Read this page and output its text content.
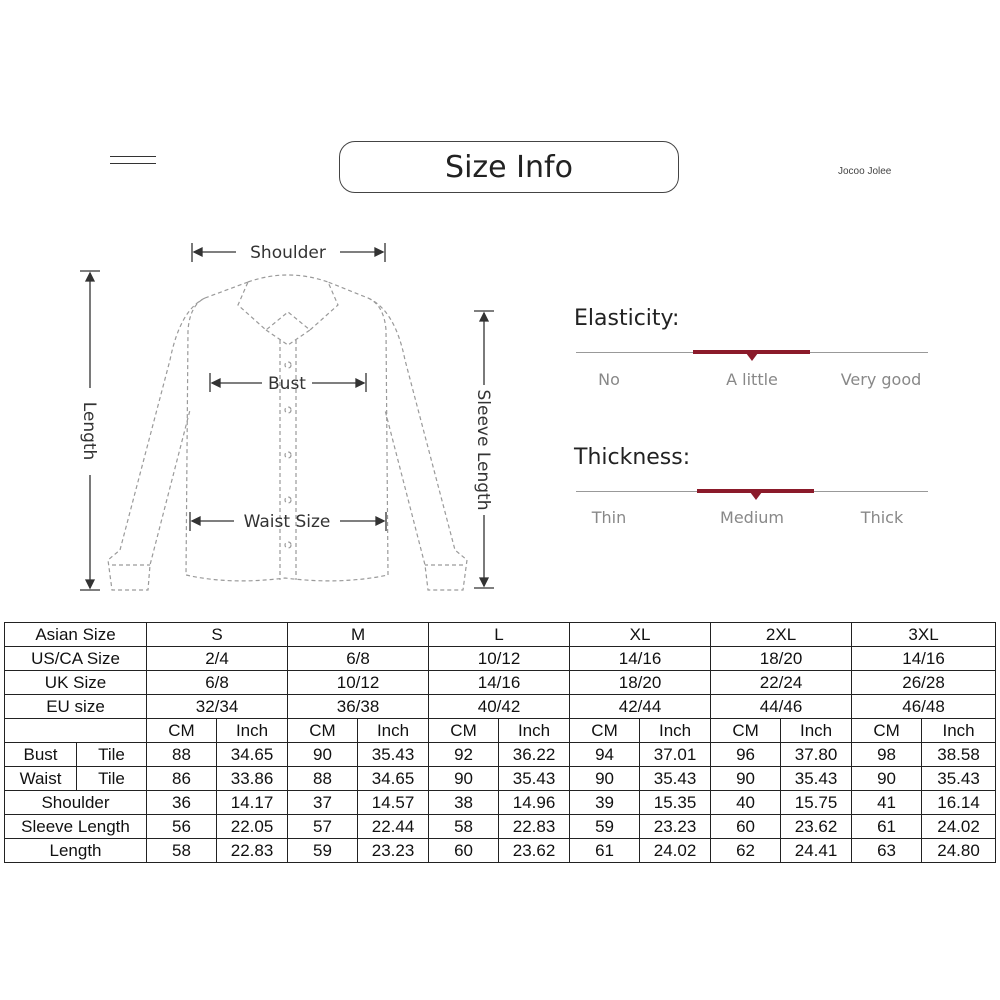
Size Info	Jocoo Jolee
Shoulder
Bust
Waist Size
Length	Sleeve Length
Elasticity:
No	A little	Very good
Thickness:
Thin	Medium	Thick
Asian Size		S		M		L		XL		2XL		3XL	
US/CA Size		2/4		6/8		10/12		14/16		18/20		14/16	
UK Size		6/8		10/12		14/16		18/20		22/24		26/28	
EU size		32/34		36/38		40/42		42/44		44/46		46/48	
		CM	Inch	CM	Inch	CM	Inch	CM	Inch	CM	Inch	CM	Inch
Bust	Tile	88	34.65	90	35.43	92	36.22	94	37.01	96	37.80	98	38.58
Waist	Tile	86	33.86	88	34.65	90	35.43	90	35.43	90	35.43	90	35.43
Shoulder		36	14.17	37	14.57	38	14.96	39	15.35	40	15.75	41	16.14
Sleeve Length		56	22.05	57	22.44	58	22.83	59	23.23	60	23.62	61	24.02
Length		58	22.83	59	23.23	60	23.62	61	24.02	62	24.41	63	24.80
